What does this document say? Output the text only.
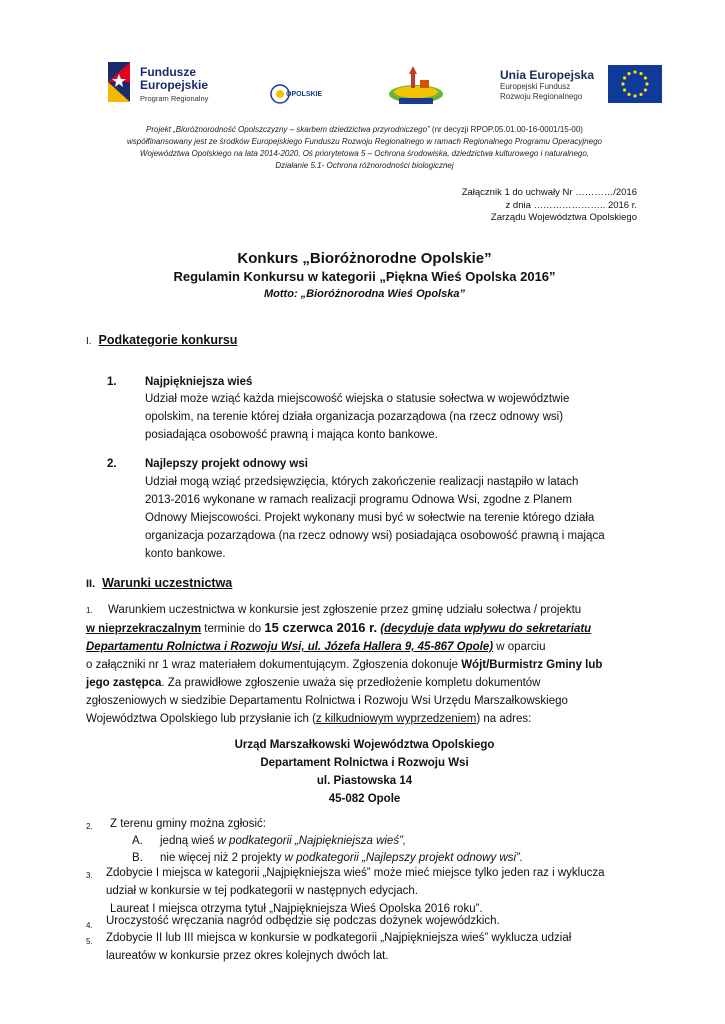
Fundusze
Europejskie
Program Regionalny	OPOLSKIE
Unia Europejska
Europejski Fundusz
Rozwoju Regionalnego
Projekt „Bioróżnorodność Opolszczyzny – skarbem dziedzictwa przyrodniczego” (nr decyzji RPOP.05.01.00-16-0001/15-00)
współfinansowany jest ze środków Europejskiego Funduszu Rozwoju Regionalnego w ramach Regionalnego Programu Operacyjnego
Województwa Opolskiego na lata 2014-2020, Oś priorytetowa 5 – Ochrona środowiska, dziedzictwa kulturowego i naturalnego,
Działanie 5.1- Ochrona różnorodności biologicznej
Załącznik 1 do uchwały Nr …………/2016
z dnia ………………….. 2016 r.
Zarządu Województwa Opolskiego
Konkurs „Bioróżnorodne Opolskie”
Regulamin Konkursu w kategorii „Piękna Wieś Opolska 2016”
Motto: „Bioróżnorodna Wieś Opolska”
I. Podkategorie konkursu
1. Najpiękniejsza wieś
Udział może wziąć każda miejscowość wiejska o statusie sołectwa w województwie
opolskim, na terenie której działa organizacja pozarządowa (na rzecz odnowy wsi)
posiadająca osobowość prawną i mająca konto bankowe.
2. Najlepszy projekt odnowy wsi
Udział mogą wziąć przedsięwzięcia, których zakończenie realizacji nastąpiło w latach
2013-2016 wykonane w ramach realizacji programu Odnowa Wsi, zgodne z Planem
Odnowy Miejscowości. Projekt wykonany musi być w sołectwie na terenie którego działa
organizacja pozarządowa (na rzecz odnowy wsi) posiadająca osobowość prawną i mająca
konto bankowe.
II. Warunki uczestnictwa
1.	Warunkiem uczestnictwa w konkursie jest zgłoszenie przez gminę udziału sołectwa / projektu
w nieprzekraczalnym terminie do 15 czerwca 2016 r. (decyduje data wpływu do sekretariatu
Departamentu Rolnictwa i Rozwoju Wsi, ul. Józefa Hallera 9, 45-867 Opole) w oparciu
o załączniki nr 1 wraz materiałem dokumentującym. Zgłoszenia dokonuje Wójt/Burmistrz Gminy lub
jego zastępca. Za prawidłowe zgłoszenie uważa się przedłożenie kompletu dokumentów
zgłoszeniowych w siedzibie Departamentu Rolnictwa i Rozwoju Wsi Urzędu Marszałkowskiego
Województwa Opolskiego lub przysłanie ich (z kilkudniowym wyprzedzeniem) na adres:
Urząd Marszałkowski Województwa Opolskiego
Departament Rolnictwa i Rozwoju Wsi
ul. Piastowska 14
45-082 Opole
2. Z terenu gminy można zgłosić:
A. jedną wieś w podkategorii „Najpiękniejsza wieś”,
B. nie więcej niż 2 projekty w podkategorii „Najlepszy projekt odnowy wsi”.
3. Zdobycie I miejsca w kategorii „Najpiękniejsza wieś” może mieć miejsce tylko jeden raz i wyklucza
udział w konkursie w tej podkategorii w następnych edycjach.
Laureat I miejsca otrzyma tytuł „Najpiękniejsza Wieś Opolska 2016 roku”.
4. Uroczystość wręczania nagród odbędzie się podczas dożynek wojewódzkich.
5. Zdobycie II lub III miejsca w konkursie w podkategorii „Najpiękniejsza wieś” wyklucza udział
laureatów w konkursie przez okres kolejnych dwóch lat.
